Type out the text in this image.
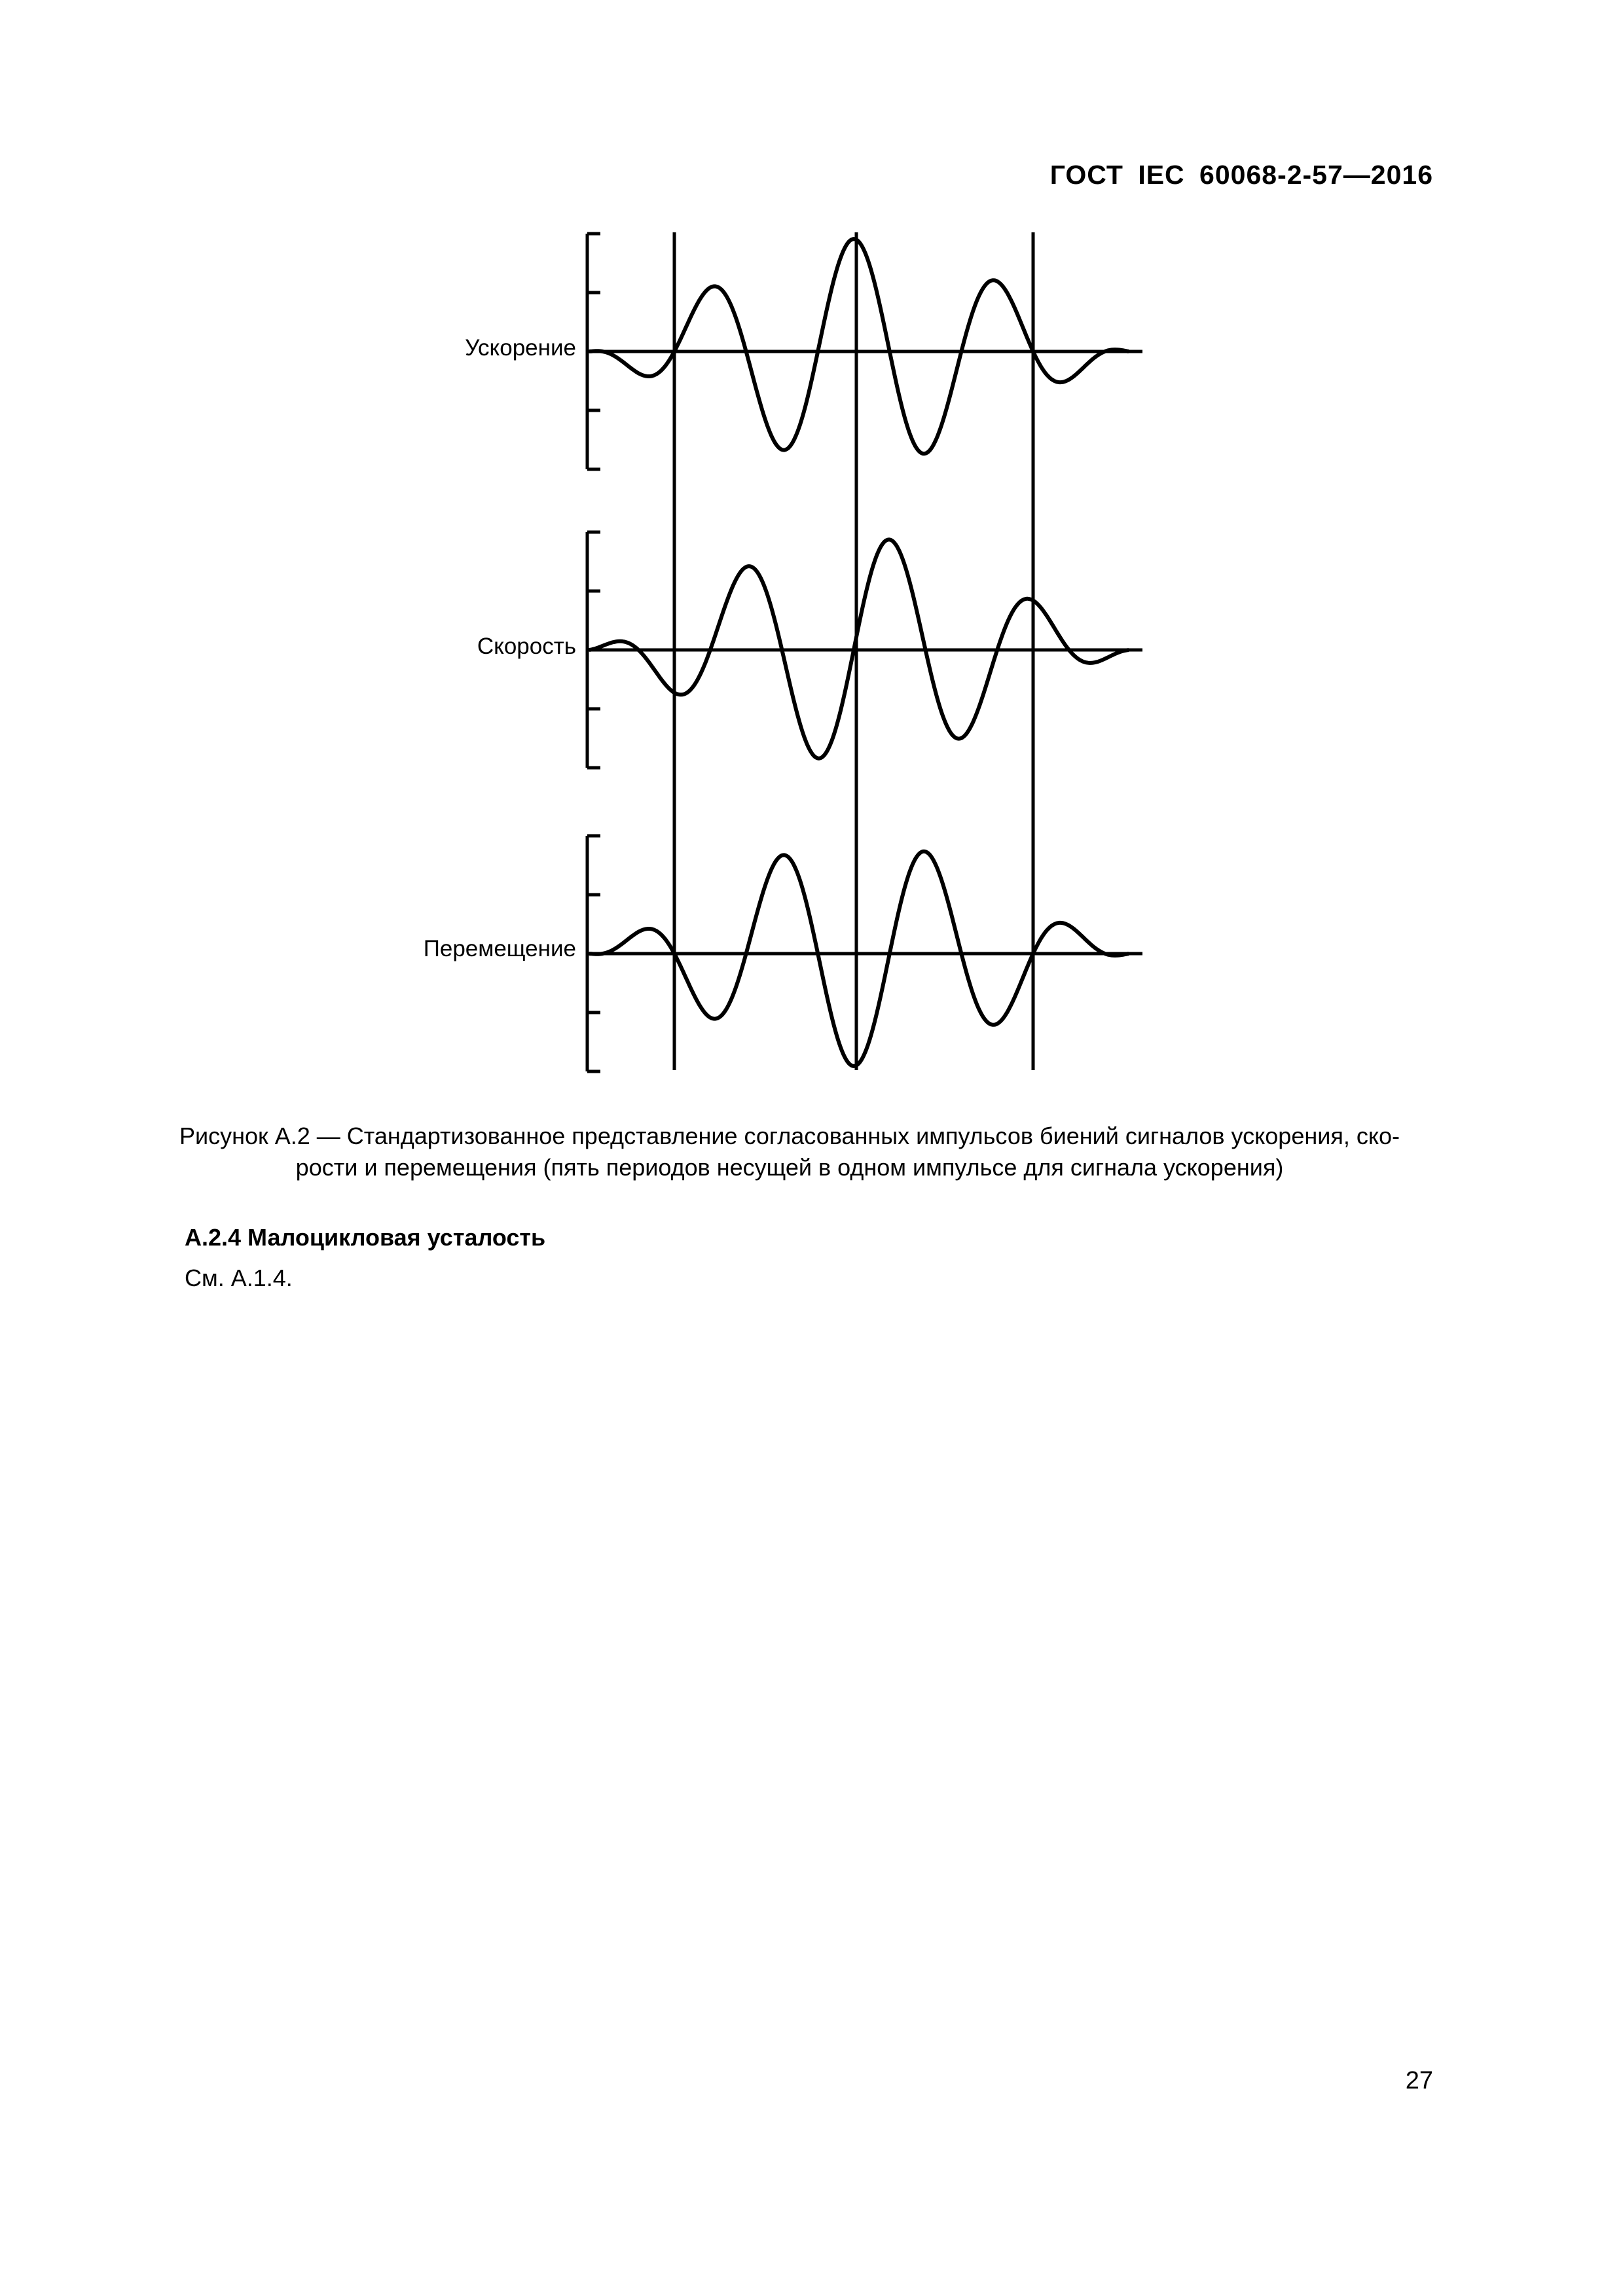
ГОСТ IEC 60068-2-57—2016
Ускорение
Скорость
Перемещение
Рисунок А.2 — Стандартизованное представление согласованных импульсов биений сигналов ускорения, ско-
рости и перемещения (пять периодов несущей в одном импульсе для сигнала ускорения)
А.2.4 Малоцикловая усталость
См. А.1.4.
27
